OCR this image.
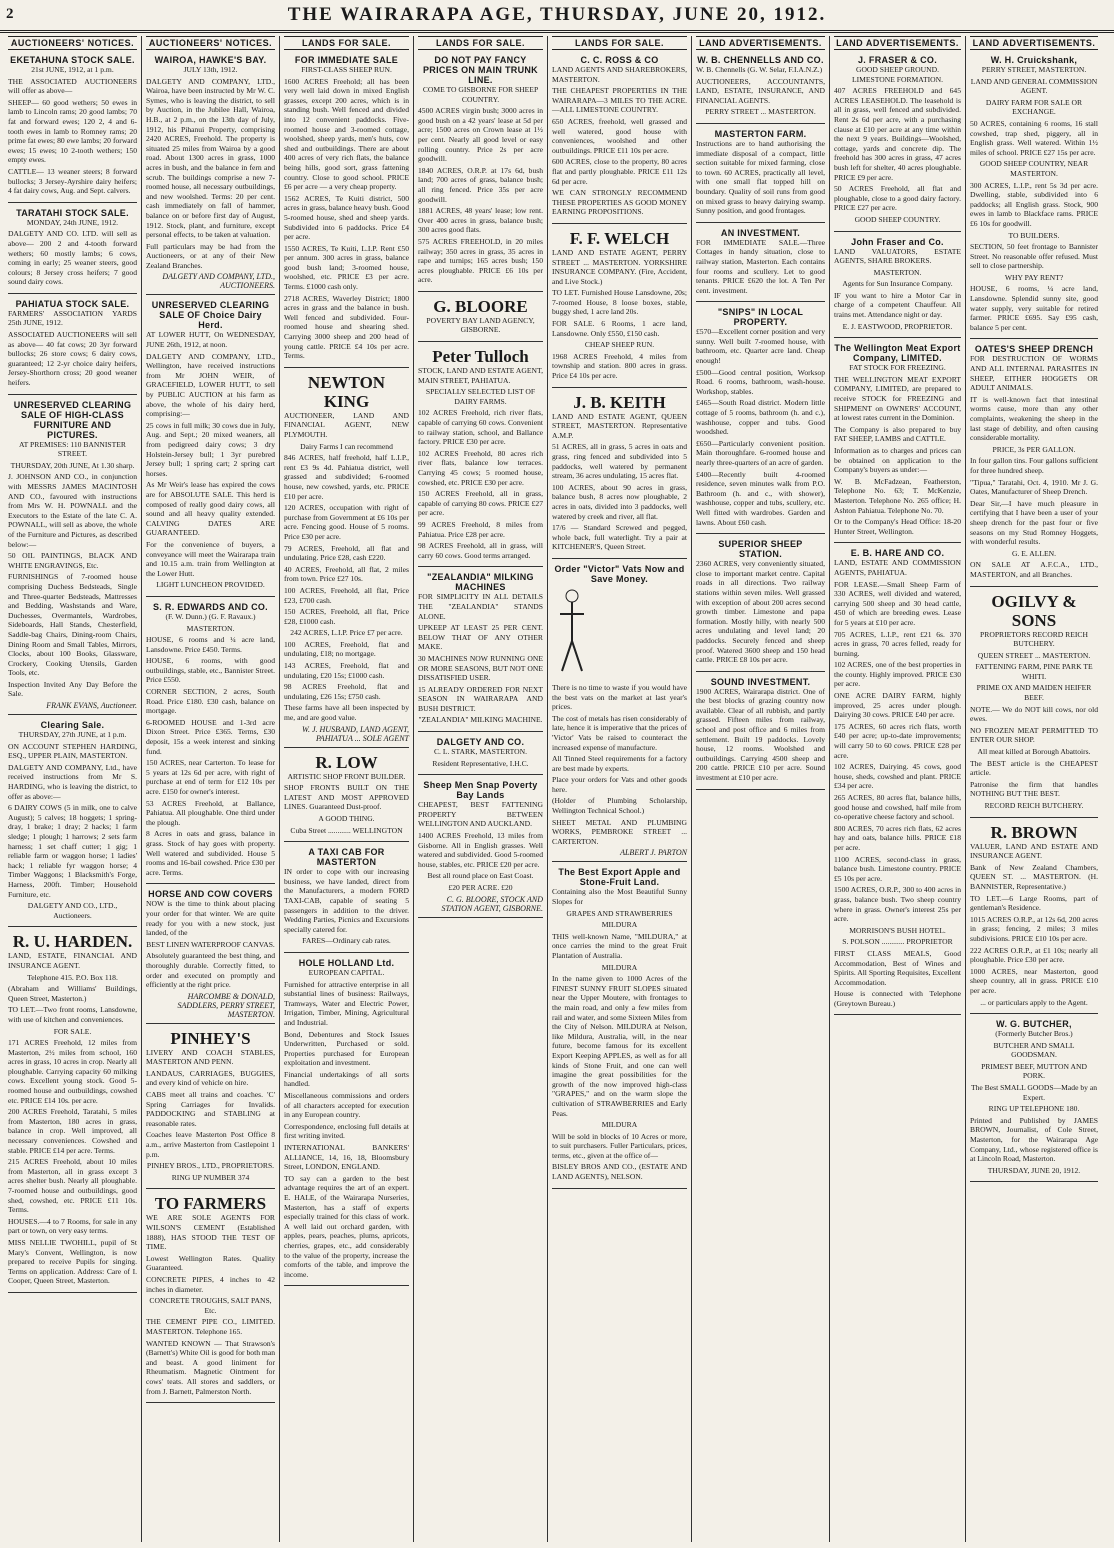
2	THE WAIRARAPA AGE, THURSDAY, JUNE 20, 1912.
AUCTIONEERS' NOTICES.
EKETAHUNA STOCK SALE.

21st JUNE, 1912, at 1 p.m.

THE ASSOCIATED AUCTIONEERS will offer as above—

SHEEP— 60 good wethers; 50 ewes in lamb to Lincoln rams; 20 good lambs; 70 fat and forward ewes; 120 2, 4 and 6-tooth ewes in lamb to Romney rams; 20 prime fat ewes; 80 ewe lambs; 20 forward ewes; 15 ewes; 10 2-tooth wethers; 150 empty ewes.

CATTLE— 13 weaner steers; 8 forward bullocks; 3 Jersey-Ayrshire dairy heifers; 4 fat dairy cows, Aug. and Sept. calvers.

TARATAHI STOCK SALE.

MONDAY, 24th JUNE, 1912.

DALGETY AND CO. LTD. will sell as above— 200 2 and 4-tooth forward wethers; 60 mostly lambs; 6 cows, coming in early; 25 weaner steers, good colours; 8 Jersey cross heifers; 7 good sound dairy cows.

PAHIATUA STOCK SALE.

FARMERS' ASSOCIATION YARDS 25th JUNE, 1912.

ASSOCIATED AUCTIONEERS will sell as above— 40 fat cows; 20 3yr forward bullocks; 26 store cows; 6 dairy cows, guaranteed; 12 2-yr choice dairy heifers, Jersey-Shorthorn cross; 20 good weaner heifers.

UNRESERVED CLEARING SALE OF HIGH-CLASS FURNITURE AND PICTURES.

AT PREMISES: 110 BANNISTER STREET.

THURSDAY, 20th JUNE, At 1.30 sharp.

J. JOHNSON AND CO., in conjunction with MESSRS JAMES MACINTOSH AND CO., favoured with instructions from Mrs W. H. POWNALL and the Executors to the Estate of the late C. A. POWNALL, will sell as above, the whole of the Furniture and Pictures, as described below:—

50 OIL PAINTINGS, BLACK AND WHITE ENGRAVINGS, Etc.

FURNISHINGS of 7-roomed house comprising Duchess Bedsteads, Single and Three-quarter Bedsteads, Mattresses and Bedding, Washstands and Ware, Duchesses, Overmantels, Wardrobes, Sideboards, Hall Stands, Chesterfield, Saddle-bag Chairs, Dining-room Chairs, Dining Room and Small Tables, Mirrors, Clocks, about 100 Books, Glassware, Crockery, Cooking Utensils, Garden Tools, etc.

Inspection Invited Any Day Before the Sale.

FRANK EVANS, Auctioneer.
Clearing Sale.

THURSDAY, 27th JUNE, at 1 p.m.

ON ACCOUNT STEPHEN HARDING, ESQ., UPPER PLAIN, MASTERTON.

DALGETY AND COMPANY, Ltd., have received instructions from Mr S. HARDING, who is leaving the district, to offer as above:—

6 DAIRY COWS (5 in milk, one to calve August); 5 calves; 18 hoggets; 1 spring-dray, 1 brake; 1 dray; 2 hacks; 1 farm sledge; 1 plough; 1 harrows; 2 sets farm harness; 1 set chaff cutter; 1 gig; 1 reliable farm or waggon horse; 1 ladies' hack; 1 reliable fyr waggon horse; 4 Timber Waggons; 1 Blacksmith's Forge, Harness, 200ft. Timber; Household Furniture, etc.

DALGETY AND CO., LTD., Auctioneers.

R. U. HARDEN.

LAND, ESTATE, FINANCIAL AND INSURANCE AGENT.

Telephone 415. P.O. Box 118.

(Abraham and Williams' Buildings, Queen Street, Masterton.)

TO LET.—Two front rooms, Lansdowne, with use of kitchen and conveniences.

FOR SALE.

171 ACRES Freehold, 12 miles from Masterton, 2½ miles from school, 160 acres in grass, 10 acres in crop. Nearly all ploughable. Carrying capacity 60 milking cows. Excellent young stock. Good 5-roomed house and outbuildings, cowshed etc. PRICE £14 10s. per acre.

200 ACRES Freehold, Taratahi, 5 miles from Masterton, 180 acres in grass, balance in crop. Well improved, all necessary conveniences. Cowshed and stable. PRICE £14 per acre. Terms.

215 ACRES Freehold, about 10 miles from Masterton, all in grass except 3 acres shelter bush. Nearly all ploughable. 7-roomed house and outbuildings, good shed, cowshed, etc. PRICE £11 10s. Terms.

HOUSES.—4 to 7 Rooms, for sale in any part or town, on very easy terms.

MISS NELLIE TWOHILL, pupil of St Mary's Convent, Wellington, is now prepared to receive Pupils for singing. Terms on application. Address: Care of I. Cooper, Queen Street, Masterton.

AUCTIONEERS' NOTICES.
WAIROA, HAWKE'S BAY.

JULY 13th, 1912.

DALGETY AND COMPANY, LTD., Wairoa, have been instructed by Mr W. C. Symes, who is leaving the district, to sell by Auction, in the Jubilee Hall, Wairoa, H.B., at 2 p.m., on the 13th day of July, 1912, his Pihanui Property, comprising 2420 ACRES, Freehold. The property is situated 25 miles from Wairoa by a good road. About 1300 acres in grass, 1000 acres in bush, and the balance in fern and scrub. The buildings comprise a new 7-roomed house, all necessary outbuildings, and new woolshed. Terms: 20 per cent. cash immediately on fall of hammer, balance on or before first day of August, 1912. Stock, plant, and furniture, except personal effects, to be taken at valuation.

Full particulars may be had from the Auctioneers, or at any of their New Zealand Branches.

DALGETY AND COMPANY, LTD., AUCTIONEERS.
UNRESERVED CLEARING SALE OF Choice Dairy Herd.

AT LOWER HUTT, On WEDNESDAY, JUNE 26th, 1912, at noon.

DALGETY AND COMPANY, LTD., Wellington, have received instructions from Mr JOHN WEIR, of GRACEFIELD, LOWER HUTT, to sell by PUBLIC AUCTION at his farm as above, the whole of his dairy herd, comprising:—

25 cows in full milk; 30 cows due in July, Aug. and Sept.; 20 mixed weaners, all from pedigreed dairy cows; 3 dry Holstein-Jersey bull; 1 3yr purebred Jersey bull; 1 spring cart; 2 spring cart horses.

As Mr Weir's lease has expired the cows are for ABSOLUTE SALE. This herd is composed of really good dairy cows, all sound and all heavy quality extended. CALVING DATES ARE GUARANTEED.

For the convenience of buyers, a conveyance will meet the Wairarapa train and 10.15 a.m. train from Wellington at the Lower Hutt.

LIGHT LUNCHEON PROVIDED.

S. R. EDWARDS AND CO.

(F. W. Dunn.) (G. F. Ravaux.)

MASTERTON.

HOUSE, 6 rooms and ¼ acre land, Lansdowne. Price £450. Terms.

HOUSE, 6 rooms, with good outbuildings, stable, etc., Bannister Street. Price £550.

CORNER SECTION, 2 acres, South Road. Price £180. £30 cash, balance on mortgage.

6-ROOMED HOUSE and 1-3rd acre Dixon Street. Price £365. Terms, £30 deposit, 15s a week interest and sinking fund.

150 ACRES, near Carterton. To lease for 5 years at 12s 6d per acre, with right of purchase at end of term for £12 10s per acre. £150 for owner's interest.

53 ACRES Freehold, at Ballance, Pahiatua. All ploughable. One third under the plough.

8 Acres in oats and grass, balance in grass. Stock of hay goes with property. Well watered and subdivided. House 5 rooms and 16-bail cowshed. Price £30 per acre. Terms.

HORSE AND COW COVERS

NOW is the time to think about placing your order for that winter. We are quite ready for you with a new stock, just landed, of the

BEST LINEN WATERPROOF CANVAS.

Absolutely guaranteed the best thing, and thoroughly durable. Correctly fitted, to order and executed on promptly and efficiently at the right price.

HARCOMBE & DONALD, SADDLERS, PERRY STREET, MASTERTON.
PINHEY'S

LIVERY AND COACH STABLES, MASTERTON AND PENN.

LANDAUS, CARRIAGES, BUGGIES, and every kind of vehicle on hire.

CABS meet all trains and coaches. 'C' Spring Carriages for Invalids. PADDOCKING and STABLING at reasonable rates.

Coaches leave Masterton Post Office 8 a.m., arrive Masterton from Castlepoint 1 p.m.

PINHEY BROS., LTD., PROPRIETORS.

RING UP NUMBER 374

TO FARMERS

WE ARE SOLE AGENTS FOR WILSON'S CEMENT (Established 1888), HAS STOOD THE TEST OF TIME.

Lowest Wellington Rates. Quality Guaranteed.

CONCRETE PIPES, 4 inches to 42 inches in diameter.

CONCRETE TROUGHS, SALT PANS, Etc.

THE CEMENT PIPE CO., LIMITED. MASTERTON. Telephone 165.

WANTED KNOWN — That Strawson's (Barnett's) White Oil is good for both man and beast. A good liniment for Rheumatism. Magnetic Ointment for cows' teats. All stores and saddlers, or from J. Barnett, Palmerston North.

LANDS FOR SALE.
FOR IMMEDIATE SALE

FIRST-CLASS SHEEP RUN.

1600 ACRES Freehold; all has been very well laid down in mixed English grasses, except 200 acres, which is in standing bush. Well fenced and divided into 12 convenient paddocks. Five-roomed house and 3-roomed cottage, woolshed, sheep yards, men's huts, cow shed and outbuildings. There are about 400 acres of very rich flats, the balance being hills, good sort, grass fattening country. Close to good school. PRICE £6 per acre — a very cheap property.

1562 ACRES, Te Kuiti district, 500 acres in grass, balance heavy bush. Good 5-roomed house, shed and sheep yards. Subdivided into 6 paddocks. Price £4 per acre.

1550 ACRES, Te Kuiti, L.I.P. Rent £50 per annum. 300 acres in grass, balance good bush land; 3-roomed house, woolshed, etc. PRICE £3 per acre. Terms. £1000 cash only.

2718 ACRES, Waverley District; 1800 acres in grass and the balance in bush. Well fenced and subdivided. Four-roomed house and shearing shed. Carrying 3000 sheep and 200 head of young cattle. PRICE £4 10s per acre. Terms.

NEWTON KING

AUCTIONEER, LAND AND FINANCIAL AGENT, NEW PLYMOUTH.

Dairy Farms I can recommend

846 ACRES, half freehold, half L.I.P., rent £3 9s 4d. Pahiatua district, well grassed and subdivided; 6-roomed house, new cowshed, yards, etc. PRICE £10 per acre.

120 ACRES, occupation with right of purchase from Government at £6 10s per acre. Fencing good. House of 5 rooms. Price £30 per acre.

79 ACRES, Freehold, all flat and undulating. Price £28, cash £220.

40 ACRES, Freehold, all flat, 2 miles from town. Price £27 10s.

100 ACRES, Freehold, all flat, Price £23, £700 cash.

150 ACRES, Freehold, all flat, Price £28, £1000 cash.

242 ACRES, L.I.P. Price £7 per acre.

100 ACRES, Freehold, flat and undulating, £18; no mortgage.

143 ACRES, Freehold, flat and undulating, £20 15s; £1000 cash.

98 ACRES Freehold, flat and undulating, £26 15s; £750 cash.

These farms have all been inspected by me, and are good value.

W. J. HUSBAND, LAND AGENT, PAHIATUA ... SOLE AGENT
R. LOW

ARTISTIC SHOP FRONT BUILDER.

SHOP FRONTS BUILT ON THE LATEST AND MOST APPROVED LINES. Guaranteed Dust-proof.

A GOOD THING.

Cuba Street ............ WELLINGTON

A TAXI CAB FOR MASTERTON

IN order to cope with our increasing business, we have landed, direct from the Manufacturers, a modern FORD TAXI-CAB, capable of seating 5 passengers in addition to the driver. Wedding Parties, Picnics and Excursions specially catered for.

FARES—Ordinary cab rates.

HOLE HOLLAND Ltd.

EUROPEAN CAPITAL.

Furnished for attractive enterprise in all substantial lines of business: Railways, Tramways, Water and Electric Power, Irrigation, Timber, Mining, Agricultural and Industrial.

Bond, Debentures and Stock Issues Underwritten, Purchased or sold. Properties purchased for European exploitation and investment.

Financial undertakings of all sorts handled.

Miscellaneous commissions and orders of all characters accepted for execution in any European country.

Correspondence, enclosing full details at first writing invited.

INTERNATIONAL BANKERS' ALLIANCE, 14, 16, 18, Bloomsbury Street, LONDON, ENGLAND.

TO say can a garden to the best advantage requires the art of an expert. E. HALE, of the Wairarapa Nurseries, Masterton, has a staff of experts especially trained for this class of work. A well laid out orchard garden, with apples, pears, peaches, plums, apricots, cherries, grapes, etc., add considerably to the value of the property, increase the comforts of the table, and improve the income.

LANDS FOR SALE.
DO NOT PAY FANCY PRICES ON MAIN TRUNK LINE.

COME TO GISBORNE FOR SHEEP COUNTRY.

4500 ACRES virgin bush; 3000 acres in good bush on a 42 years' lease at 5d per acre; 1500 acres on Crown lease at 1½ per cent. Nearly all good level or easy rolling country. Price 2s per acre goodwill.

1840 ACRES, O.R.P. at 17s 6d, bush land; 700 acres of grass, balance bush; all ring fenced. Price 35s per acre goodwill.

1881 ACRES, 48 years' lease; low rent. Over 400 acres in grass, balance bush; 300 acres good flats.

575 ACRES FREEHOLD, in 20 miles railway; 350 acres in grass, 35 acres in rape and turnips; 165 acres bush; 150 acres ploughable. PRICE £6 10s per acre.

G. BLOORE

POVERTY BAY LAND AGENCY, GISBORNE.

Peter Tulloch

STOCK, LAND AND ESTATE AGENT, MAIN STREET, PAHIATUA.

SPECIALLY SELECTED LIST OF DAIRY FARMS.

102 ACRES Freehold, rich river flats, capable of carrying 60 cows. Convenient to railway station, school, and Ballance factory. PRICE £30 per acre.

102 ACRES Freehold, 80 acres rich river flats, balance low terraces. Carrying 45 cows; 5 roomed house, cowshed, etc. PRICE £30 per acre.

150 ACRES Freehold, all in grass, capable of carrying 80 cows. PRICE £27 per acre.

99 ACRES Freehold, 8 miles from Pahiatua. Price £28 per acre.

98 ACRES Freehold, all in grass, will carry 60 cows. Good terms arranged.

"ZEALANDIA" MILKING MACHINES

FOR SIMPLICITY IN ALL DETAILS THE "ZEALANDIA" STANDS ALONE.

UPKEEP AT LEAST 25 PER CENT. BELOW THAT OF ANY OTHER MAKE.

30 MACHINES NOW RUNNING ONE OR MORE SEASONS, BUT NOT ONE DISSATISFIED USER.

15 ALREADY ORDERED FOR NEXT SEASON IN WAIRARAPA AND BUSH DISTRICT.

"ZEALANDIA" MILKING MACHINE.

DALGETY AND CO.

C. L. STARK, MASTERTON.

Resident Representative, I.H.C.

Sheep Men Snap Poverty Bay Lands

CHEAPEST, BEST FATTENING PROPERTY BETWEEN WELLINGTON AND AUCKLAND.

1400 ACRES Freehold, 13 miles from Gisborne. All in English grasses. Well watered and subdivided. Good 5-roomed house, stables, etc. PRICE £20 per acre.

Best all round place on East Coast.

£20 PER ACRE. £20

C. G. BLOORE, STOCK AND STATION AGENT, GISBORNE.
LANDS FOR SALE.
C. C. ROSS & CO

LAND AGENTS AND SHAREBROKERS, MASTERTON.

THE CHEAPEST PROPERTIES IN THE WAIRARAPA—3 MILES TO THE ACRE.—ALL LIMESTONE COUNTRY.

650 ACRES, freehold, well grassed and well watered, good house with conveniences, woolshed and other outbuildings. PRICE £11 10s per acre.

600 ACRES, close to the property, 80 acres flat and partly ploughable. PRICE £11 12s 6d per acre.

WE CAN STRONGLY RECOMMEND THESE PROPERTIES AS GOOD MONEY EARNING PROPOSITIONS.

F. F. WELCH

LAND AND ESTATE AGENT, PERRY STREET ... MASTERTON. YORKSHIRE INSURANCE COMPANY. (Fire, Accident, and Live Stock.)

TO LET. Furnished House Lansdowne, 20s; 7-roomed House, 8 loose boxes, stable, buggy shed, 1 acre land 20s.

FOR SALE. 6 Rooms, 1 acre land, Lansdowne. Only £550, £150 cash.

CHEAP SHEEP RUN.

1968 ACRES Freehold, 4 miles from township and station. 800 acres in grass. Price £4 10s per acre.

J. B. KEITH

LAND AND ESTATE AGENT, QUEEN STREET, MASTERTON. Representative A.M.P.

51 ACRES, all in grass, 5 acres in oats and grass, ring fenced and subdivided into 5 paddocks, well watered by permanent stream, 36 acres undulating, 15 acres flat.

100 ACRES, about 90 acres in grass, balance bush, 8 acres now ploughable, 2 acres in oats, divided into 3 paddocks, well watered by creek and river, all flat.

17/6 — Standard Screwed and pegged, whole back, full waterlight. Try a pair at KITCHENER'S, Queen Street.

Order "Victor" Vats Now and Save Money.

There is no time to waste if you would have the best vats on the market at last year's prices.

The cost of metals has risen considerably of late, hence it is imperative that the prices of 'Victor' Vats be raised to counteract the increased expense of manufacture.

All Tinned Steel requirements for a factory are best made by experts.

Place your orders for Vats and other goods here.

(Holder of Plumbing Scholarship, Wellington Technical School.)

SHEET METAL AND PLUMBING WORKS, PEMBROKE STREET ... CARTERTON.

ALBERT J. PARTON
The Best Export Apple and Stone-Fruit Land.

Containing also the Most Beautiful Sunny Slopes for

GRAPES AND STRAWBERRIES

MILDURA

THIS well-known Name, "MILDURA," at once carries the mind to the great Fruit Plantation of Australia.

MILDURA

In the name given to 1000 Acres of the FINEST SUNNY FRUIT SLOPES situated near the Upper Moutere, with frontages to the main road, and only a few miles from rail and water, and some Sixteen Miles from the City of Nelson. MILDURA at Nelson, like Mildura, Australia, will, in the near future, become famous for its excellent Export Keeping APPLES, as well as for all kinds of Stone Fruit, and one can well imagine the great possibilities for the growth of the now improved high-class "GRAPES," and on the warm slope the cultivation of STRAWBERRIES and Early Peas.

MILDURA

Will be sold in blocks of 10 Acres or more, to suit purchasers. Fuller Particulars, prices, terms, etc., given at the office of—

BISLEY BROS AND CO., (ESTATE AND LAND AGENTS), NELSON.

LAND ADVERTISEMENTS.
W. B. CHENNELLS AND CO.

W. B. Chennells (G. W. Selar, F.I.A.N.Z.)

AUCTIONEERS, ACCOUNTANTS, LAND, ESTATE, INSURANCE, AND FINANCIAL AGENTS.

PERRY STREET ... MASTERTON.

MASTERTON FARM.

Instructions are to hand authorising the immediate disposal of a compact, little section suitable for mixed farming, close to town. 60 ACRES, practically all level, with one small flat topped hill on boundary. Quality of soil runs from good on mixed grass to heavy dairying swamp. Sunny position, and good frontages.

AN INVESTMENT.

FOR IMMEDIATE SALE.—Three Cottages in handy situation, close to railway station, Masterton. Each contains four rooms and scullery. Let to good tenants. PRICE £620 the lot. A Ten Per cent. investment.

"SNIPS" IN LOCAL PROPERTY.

£570—Excellent corner position and very sunny. Well built 7-roomed house, with bathroom, etc. Quarter acre land. Cheap enough!

£500—Good central position, Worksop Road. 6 rooms, bathroom, wash-house. Workshop, stables.

£465—South Road district. Modern little cottage of 5 rooms, bathroom (h. and c.), washhouse, copper and tubs. Good woodshed.

£650—Particularly convenient position. Main thoroughfare. 6-roomed house and nearly three-quarters of an acre of garden.

£400—Recently built 4-roomed residence, seven minutes walk from P.O. Bathroom (h. and c., with shower), washhouse, copper and tubs, scullery, etc. Well fitted with wardrobes. Garden and lawns. About £60 cash.

SUPERIOR SHEEP STATION.

2360 ACRES, very conveniently situated, close to important market centre. Capital roads in all directions. Two railway stations within seven miles. Well grassed with exception of about 200 acres second growth timber. Limestone and papa formation. Mostly hilly, with nearly 500 acres undulating and level land; 20 paddocks. Securely fenced and sheep proof. Watered 3600 sheep and 150 head cattle. PRICE £8 10s per acre.

SOUND INVESTMENT.

1900 ACRES, Wairarapa district. One of the best blocks of grazing country now available. Clear of all rubbish, and partly grassed. Fifteen miles from railway, school and post office and 6 miles from settlement. Built 19 paddocks. Lovely house, 12 rooms. Woolshed and outbuildings. Carrying 4500 sheep and 200 cattle. PRICE £10 per acre. Sound investment at £10 per acre.

LAND ADVERTISEMENTS.
J. FRASER & CO.

GOOD SHEEP GROUND. LIMESTONE FORMATION.

407 ACRES FREEHOLD and 645 ACRES LEASEHOLD. The leasehold is all in grass, well fenced and subdivided. Rent 2s 6d per acre, with a purchasing clause at £10 per acre at any time within the next 9 years. Buildings—Woolshed, cottage, yards and concrete dip. The freehold has 300 acres in grass, 47 acres bush left for shelter, 40 acres ploughable. PRICE £9 per acre.

50 ACRES Freehold, all flat and ploughable, close to a good dairy factory. PRICE £27 per acre.

GOOD SHEEP COUNTRY.

John Fraser and Co.

LAND VALUATORS, ESTATE AGENTS, SHARE BROKERS.

MASTERTON.

Agents for Sun Insurance Company.

IF you want to hire a Motor Car in charge of a competent Chauffeur. All trains met. Attendance night or day.

E. J. EASTWOOD, PROPRIETOR.

The Wellington Meat Export Company, LIMITED.

FAT STOCK FOR FREEZING.

THE WELLINGTON MEAT EXPORT COMPANY, LIMITED, are prepared to receive STOCK for FREEZING and SHIPMENT on OWNERS' ACCOUNT, at lowest rates current in the Dominion.

The Company is also prepared to buy FAT SHEEP, LAMBS and CATTLE.

Information as to charges and prices can be obtained on application to the Company's buyers as under:—

W. B. McFadzean, Featherston, Telephone No. 63; T. McKenzie, Masterton. Telephone No. 265 office; H. Ashton Pahiatua. Telephone No. 70.

Or to the Company's Head Office: 18-20 Hunter Street, Wellington.

E. B. HARE AND CO.

LAND, ESTATE AND COMMISSION AGENTS, PAHIATUA.

FOR LEASE.—Small Sheep Farm of 330 ACRES, well divided and watered, carrying 500 sheep and 30 head cattle, 450 of which are breeding ewes. Lease for 5 years at £10 per acre.

705 ACRES, L.I.P., rent £21 6s. 370 acres in grass, 70 acres felled, ready for burning.

102 ACRES, one of the best properties in the county. Highly improved. PRICE £30 per acre.

ONE ACRE DAIRY FARM, highly improved, 25 acres under plough. Dairying 30 cows. PRICE £40 per acre.

175 ACRES, 60 acres rich flats, worth £40 per acre; up-to-date improvements; will carry 50 to 60 cows. PRICE £28 per acre.

102 ACRES, Dairying. 45 cows, good house, sheds, cowshed and plant. PRICE £34 per acre.

265 ACRES, 80 acres flat, balance hills, good house and cowshed, half mile from co-operative cheese factory and school.

800 ACRES, 70 acres rich flats, 62 acres hay and oats, balance hills. PRICE £18 per acre.

1100 ACRES, second-class in grass, balance bush. Limestone country. PRICE £5 10s per acre.

1500 ACRES, O.R.P., 300 to 400 acres in grass, balance bush. Two sheep country where in grass. Owner's interest 25s per acre.

MORRISON'S BUSH HOTEL.

S. POLSON ............ PROPRIETOR

FIRST CLASS MEALS, Good Accommodation, Best of Wines and Spirits. All Sporting Requisites, Excellent Accommodation.

House is connected with Telephone (Greytown Bureau.)

LAND ADVERTISEMENTS.
W. H. Cruickshank,

PERRY STREET, MASTERTON.

LAND AND GENERAL COMMISSION AGENT.

DAIRY FARM FOR SALE OR EXCHANGE.

50 ACRES, containing 6 rooms, 16 stall cowshed, trap shed, piggery, all in English grass. Well watered. Within 1½ miles of school. PRICE £27 15s per acre.

GOOD SHEEP COUNTRY, NEAR MASTERTON.

300 ACRES, L.I.P., rent 5s 3d per acre. Dwelling, stable, subdivided into 6 paddocks; all English grass. Stock, 900 ewes in lamb to Blackface rams. PRICE £6 10s for goodwill.

TO BUILDERS.

SECTION, 50 feet frontage to Bannister Street. No reasonable offer refused. Must sell to close partnership.

WHY PAY RENT?

HOUSE, 6 rooms, ¼ acre land, Lansdowne. Splendid sunny site, good water supply, very suitable for retired farmer. PRICE £695. Say £95 cash, balance 5 per cent.

OATES'S SHEEP DRENCH

FOR DESTRUCTION OF WORMS AND ALL INTERNAL PARASITES IN SHEEP, EITHER HOGGETS OR ADULT ANIMALS.

IT is well-known fact that intestinal worms cause, more than any other complaints, weakening the sheep in the last stage of debility, and often causing considerable mortality.

PRICE, 3s PER GALLON.

In four gallon tins. Four gallons sufficient for three hundred sheep.

"Tipua," Taratahi, Oct. 4, 1910. Mr J. G. Oates, Manufacturer of Sheep Drench.

Dear Sir,—I have much pleasure in certifying that I have been a user of your sheep drench for the past four or five seasons on my Stud Romney Hoggets, with wonderful results.

G. E. ALLEN.

ON SALE AT A.F.C.A., LTD., MASTERTON, and all Branches.

OGILVY & SONS

PROPRIETORS RECORD REICH BUTCHERY.

QUEEN STREET ... MASTERTON.

FATTENING FARM, PINE PARK TE WHITI.

PRIME OX AND MAIDEN HEIFER BEEF.

NOTE.— We do NOT kill cows, nor old ewes.

NO FROZEN MEAT PERMITTED TO ENTER OUR SHOP.

All meat killed at Borough Abattoirs.

The BEST article is the CHEAPEST article.

Patronise the firm that handles NOTHING BUT THE BEST.

RECORD REICH BUTCHERY.

R. BROWN

VALUER, LAND AND ESTATE AND INSURANCE AGENT.

Bank of New Zealand Chambers, QUEEN ST. ... MASTERTON. (H. BANNISTER, Representative.)

TO LET.—6 Large Rooms, part of gentleman's Residence.

1015 ACRES O.R.P., at 12s 6d, 200 acres in grass; fencing, 2 miles; 3 miles subdivisions. PRICE £10 10s per acre.

222 ACRES O.R.P., at £1 10s; nearly all ploughable. Price £30 per acre.

1000 ACRES, near Masterton, good sheep country, all in grass. PRICE £10 per acre.

... or particulars apply to the Agent.

W. G. BUTCHER,

(Formerly Butcher Bros.)

BUTCHER AND SMALL GOODSMAN.

PRIMEST BEEF, MUTTON AND PORK.

The Best SMALL GOODS—Made by an Expert.

RING UP TELEPHONE 180.

Printed and Published by JAMES BROWN, Journalist, of Cole Street, Masterton, for the Wairarapa Age Company, Ltd., whose registered office is at Lincoln Road, Masterton.

THURSDAY, JUNE 20, 1912.
